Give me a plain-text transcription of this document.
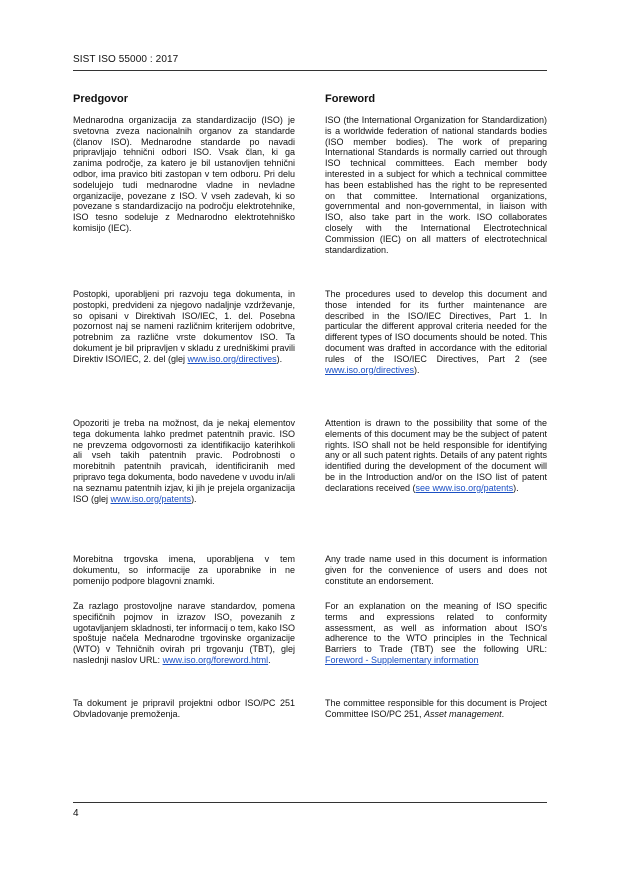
SIST ISO 55000 : 2017
Predgovor

Mednarodna organizacija za standardizacijo (ISO) je svetovna zveza nacionalnih organov za standarde (članov ISO). Mednarodne standarde po navadi pripravljajo tehnični odbori ISO. Vsak član, ki ga zanima področje, za katero je bil ustanovljen tehnični odbor, ima pravico biti zastopan v tem odboru. Pri delu sodelujejo tudi mednarodne vladne in nevladne organizacije, povezane z ISO. V vseh zadevah, ki so povezane s standardizacijo na področju elektrotehnike, ISO tesno sodeluje z Mednarodno elektrotehniško komisijo (IEC).

Postopki, uporabljeni pri razvoju tega dokumenta, in postopki, predvideni za njegovo nadaljnje vzdrževanje, so opisani v Direktivah ISO/IEC, 1. del. Posebna pozornost naj se nameni različnim kriterijem odobritve, potrebnim za različne vrste dokumentov ISO. Ta dokument je bil pripravljen v skladu z uredniškimi pravili Direktiv ISO/IEC, 2. del (glej www.iso.org/directives).

Opozoriti je treba na možnost, da je nekaj elementov tega dokumenta lahko predmet patentnih pravic. ISO ne prevzema odgovornosti za identifikacijo katerihkoli ali vseh takih patentnih pravic. Podrobnosti o morebitnih patentnih pravicah, identificiranih med pripravo tega dokumenta, bodo navedene v uvodu in/ali na seznamu patentnih izjav, ki jih je prejela organizacija ISO (glej www.iso.org/patents).

Morebitna trgovska imena, uporabljena v tem dokumentu, so informacije za uporabnike in ne pomenijo podpore blagovni znamki.

Za razlago prostovoljne narave standardov, pomena specifičnih pojmov in izrazov ISO, povezanih z ugotavljanjem skladnosti, ter informacij o tem, kako ISO spoštuje načela Mednarodne trgovinske organizacije (WTO) v Tehničnih ovirah pri trgovanju (TBT), glej naslednji naslov URL: www.iso.org/foreword.html.

Ta dokument je pripravil projektni odbor ISO/PC 251 Obvladovanje premoženja.

Foreword

ISO (the International Organization for Standardization) is a worldwide federation of national standards bodies (ISO member bodies). The work of preparing International Standards is normally carried out through ISO technical committees. Each member body interested in a subject for which a technical committee has been established has the right to be represented on that committee. International organizations, governmental and non-governmental, in liaison with ISO, also take part in the work. ISO collaborates closely with the International Electrotechnical Commission (IEC) on all matters of electrotechnical standardization.

The procedures used to develop this document and those intended for its further maintenance are described in the ISO/IEC Directives, Part 1. In particular the different approval criteria needed for the different types of ISO documents should be noted. This document was drafted in accordance with the editorial rules of the ISO/IEC Directives, Part 2 (see www.iso.org/directives).

Attention is drawn to the possibility that some of the elements of this document may be the subject of patent rights. ISO shall not be held responsible for identifying any or all such patent rights. Details of any patent rights identified during the development of the document will be in the Introduction and/or on the ISO list of patent declarations received (see www.iso.org/patents).

Any trade name used in this document is information given for the convenience of users and does not constitute an endorsement.

For an explanation on the meaning of ISO specific terms and expressions related to conformity assessment, as well as information about ISO's adherence to the WTO principles in the Technical Barriers to Trade (TBT) see the following URL: Foreword - Supplementary information

The committee responsible for this document is Project Committee ISO/PC 251, Asset management.

4
